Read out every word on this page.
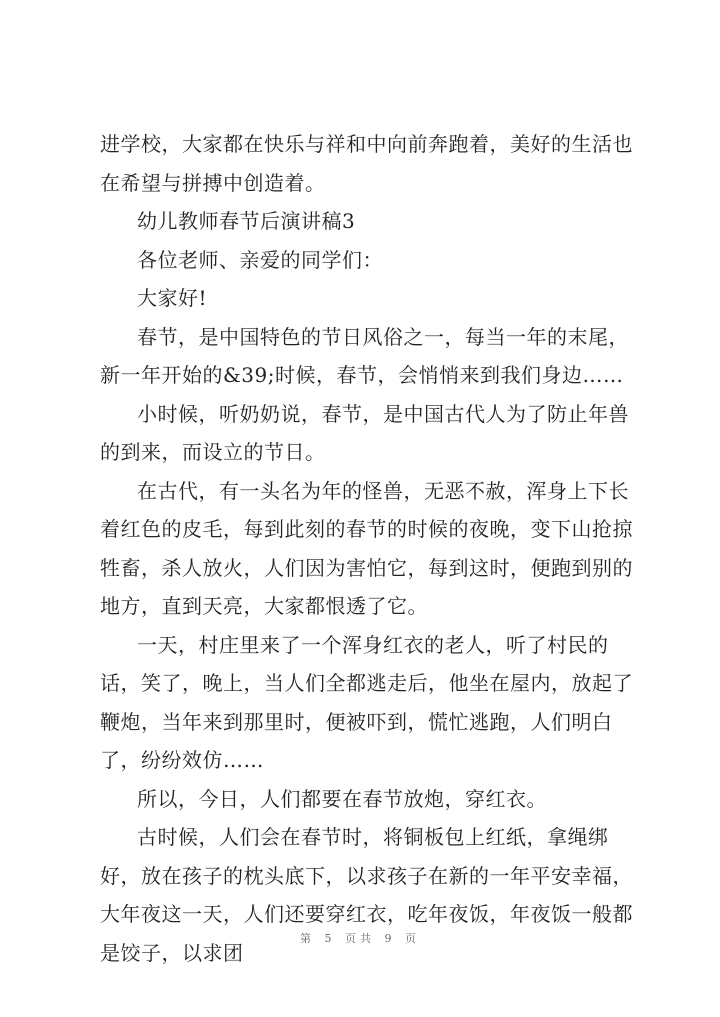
进学校，大家都在快乐与祥和中向前奔跑着，美好的生活也在希望与拼搏中创造着。

幼儿教师春节后演讲稿3

各位老师、亲爱的同学们：

大家好!

春节，是中国特色的节日风俗之一，每当一年的末尾，新一年开始的&39;时候，春节，会悄悄来到我们身边……

小时候，听奶奶说，春节，是中国古代人为了防止年兽的到来，而设立的节日。

在古代，有一头名为年的怪兽，无恶不赦，浑身上下长着红色的皮毛，每到此刻的春节的时候的夜晚，变下山抢掠牲畜，杀人放火，人们因为害怕它，每到这时，便跑到别的地方，直到天亮，大家都恨透了它。

一天，村庄里来了一个浑身红衣的老人，听了村民的话，笑了，晚上，当人们全都逃走后，他坐在屋内，放起了鞭炮，当年来到那里时，便被吓到，慌忙逃跑，人们明白了，纷纷效仿……

所以，今日，人们都要在春节放炮，穿红衣。

古时候，人们会在春节时，将铜板包上红纸，拿绳绑好，放在孩子的枕头底下，以求孩子在新的一年平安幸福，大年夜这一天，人们还要穿红衣，吃年夜饭，年夜饭一般都是饺子，以求团

第 5 页共 9 页
